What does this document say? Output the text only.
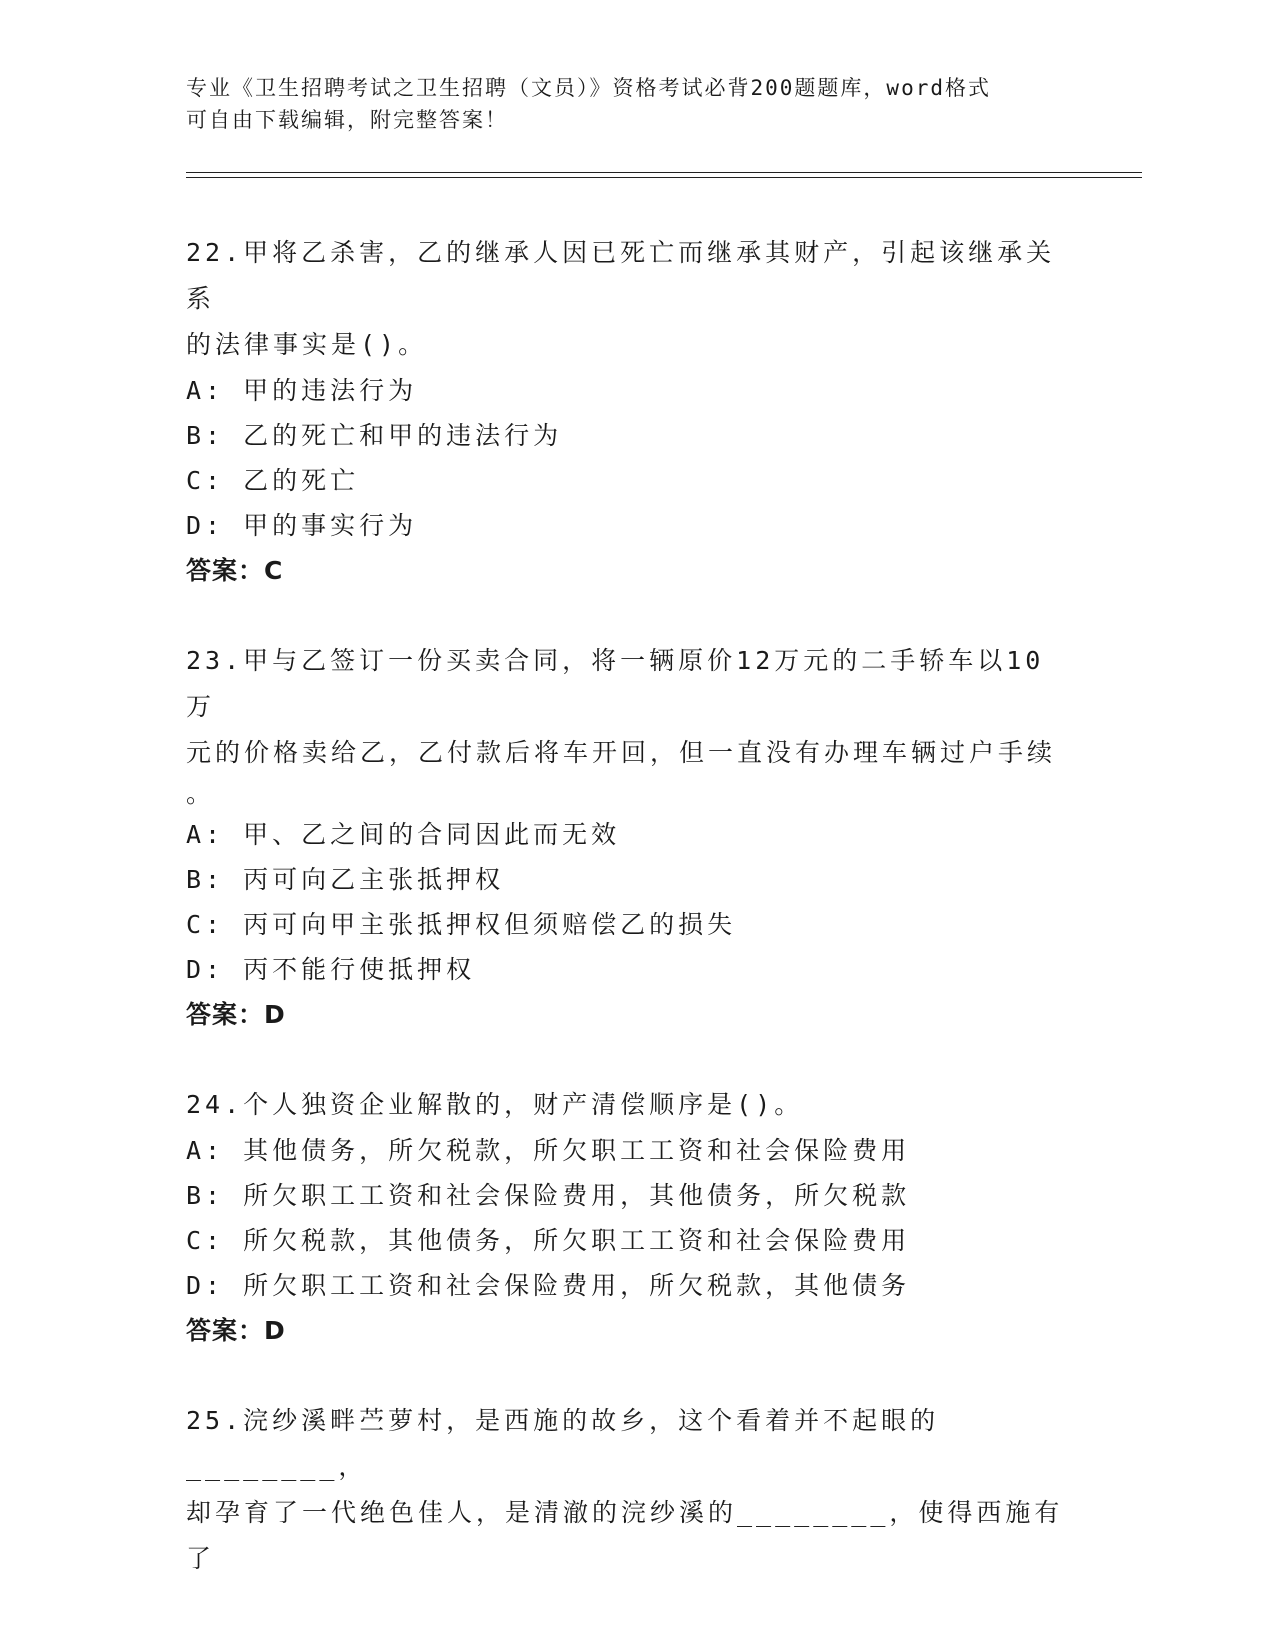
专业《卫生招聘考试之卫生招聘（文员）》资格考试必背200题题库，word格式
可自由下载编辑，附完整答案！
22.甲将乙杀害，乙的继承人因已死亡而继承其财产，引起该继承关系
的法律事实是()。
A: 甲的违法行为
B: 乙的死亡和甲的违法行为
C: 乙的死亡
D: 甲的事实行为
答案：C
23.甲与乙签订一份买卖合同，将一辆原价12万元的二手轿车以10万
元的价格卖给乙，乙付款后将车开回，但一直没有办理车辆过户手续
。
A: 甲、乙之间的合同因此而无效
B: 丙可向乙主张抵押权
C: 丙可向甲主张抵押权但须赔偿乙的损失
D: 丙不能行使抵押权
答案：D
24.个人独资企业解散的，财产清偿顺序是()。
A: 其他债务，所欠税款，所欠职工工资和社会保险费用
B: 所欠职工工资和社会保险费用，其他债务，所欠税款
C: 所欠税款，其他债务，所欠职工工资和社会保险费用
D: 所欠职工工资和社会保险费用，所欠税款，其他债务
答案：D
25.浣纱溪畔苎萝村，是西施的故乡，这个看着并不起眼的________，
却孕育了一代绝色佳人，是清澈的浣纱溪的________，使得西施有了
